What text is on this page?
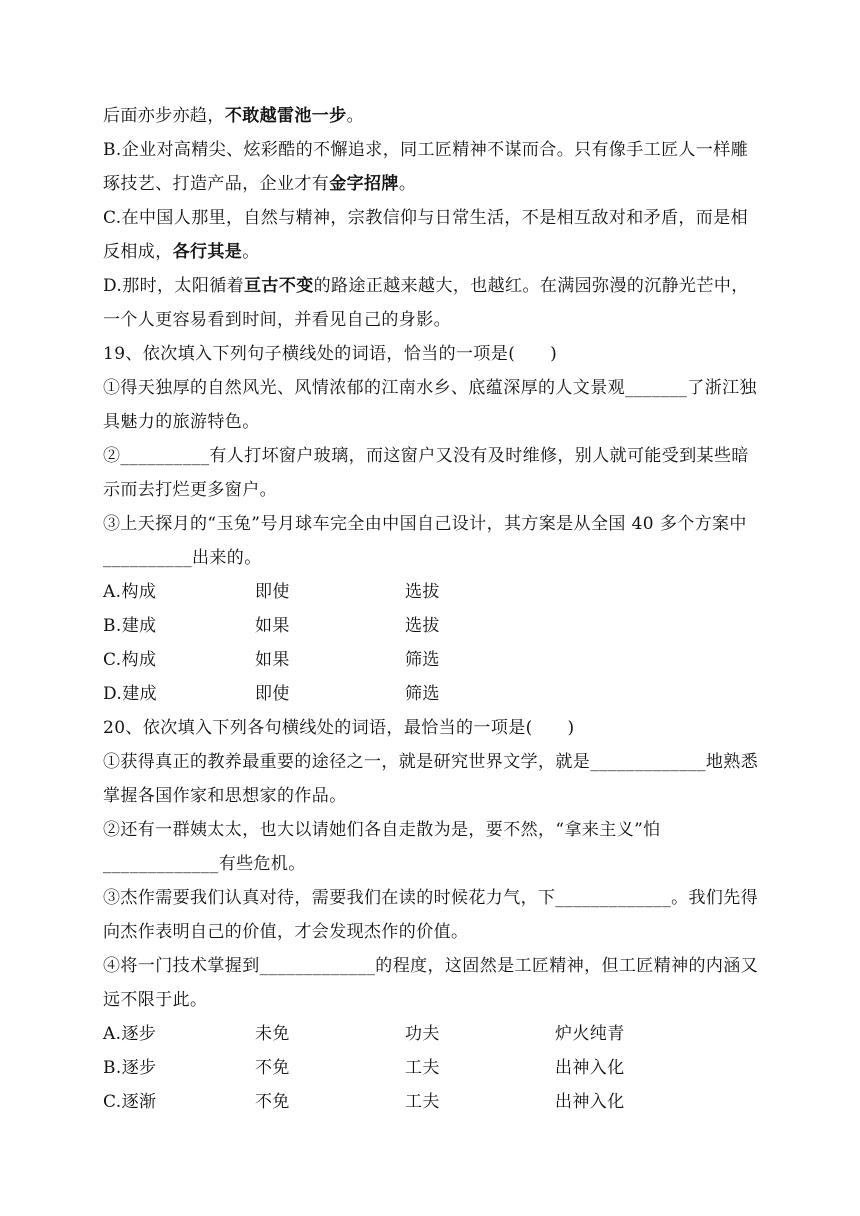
后面亦步亦趋，不敢越雷池一步。
B.企业对高精尖、炫彩酷的不懈追求，同工匠精神不谋而合。只有像手工匠人一样雕
琢技艺、打造产品，企业才有金字招牌。
C.在中国人那里，自然与精神，宗教信仰与日常生活，不是相互敌对和矛盾，而是相
反相成，各行其是。
D.那时，太阳循着亘古不变的路途正越来越大，也越红。在满园弥漫的沉静光芒中，
一个人更容易看到时间，并看见自己的身影。
19、依次填入下列句子横线处的词语，恰当的一项是(　　)
①得天独厚的自然风光、风情浓郁的江南水乡、底蕴深厚的人文景观_______了浙江独
具魅力的旅游特色。
②__________有人打坏窗户玻璃，而这窗户又没有及时维修，别人就可能受到某些暗
示而去打烂更多窗户。
③上天探月的“玉兔”号月球车完全由中国自己设计，其方案是从全国 40 多个方案中
__________出来的。
A.构成	即使	选拔
B.建成	如果	选拔
C.构成	如果	筛选
D.建成	即使	筛选
20、依次填入下列各句横线处的词语，最恰当的一项是(　　)
①获得真正的教养最重要的途径之一，就是研究世界文学，就是_____________地熟悉
掌握各国作家和思想家的作品。
②还有一群姨太太，也大以请她们各自走散为是，要不然，“拿来主义”怕
_____________有些危机。
③杰作需要我们认真对待，需要我们在读的时候花力气，下_____________。我们先得
向杰作表明自己的价值，才会发现杰作的价值。
④将一门技术掌握到_____________的程度，这固然是工匠精神，但工匠精神的内涵又
远不限于此。
A.逐步	未免	功夫	炉火纯青
B.逐步	不免	工夫	出神入化
C.逐渐	不免	工夫	出神入化
